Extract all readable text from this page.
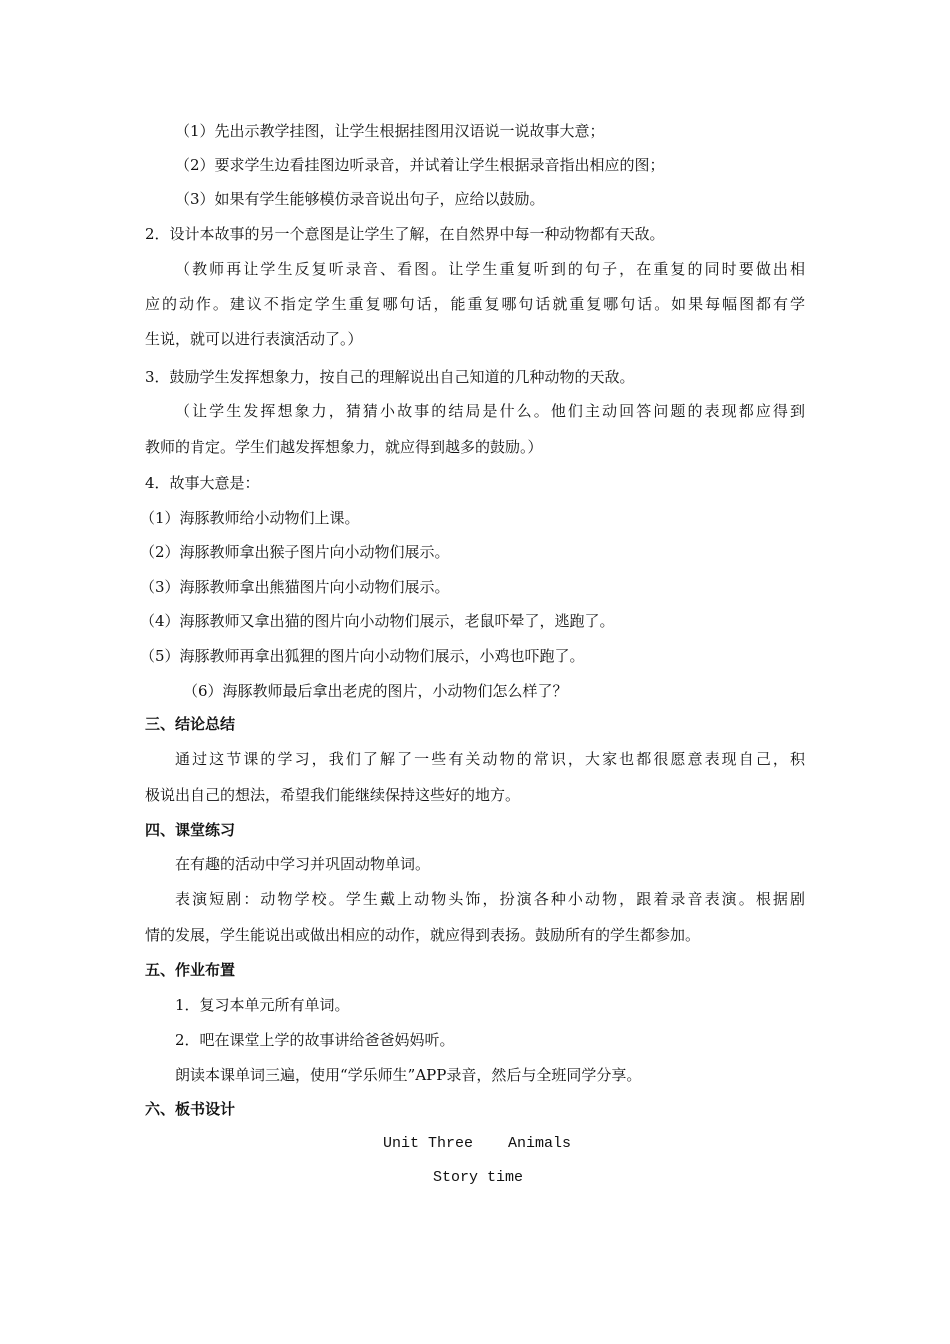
（1）先出示教学挂图，让学生根据挂图用汉语说一说故事大意；
（2）要求学生边看挂图边听录音，并试着让学生根据录音指出相应的图；
（3）如果有学生能够模仿录音说出句子，应给以鼓励。
2．设计本故事的另一个意图是让学生了解，在自然界中每一种动物都有天敌。
（教师再让学生反复听录音、看图。让学生重复听到的句子，在重复的同时要做出相
应的动作。建议不指定学生重复哪句话，能重复哪句话就重复哪句话。如果每幅图都有学
生说，就可以进行表演活动了。）
3．鼓励学生发挥想象力，按自己的理解说出自己知道的几种动物的天敌。
（让学生发挥想象力，猜猜小故事的结局是什么。他们主动回答问题的表现都应得到
教师的肯定。学生们越发挥想象力，就应得到越多的鼓励。）
4．故事大意是：
（1）海豚教师给小动物们上课。
（2）海豚教师拿出猴子图片向小动物们展示。
（3）海豚教师拿出熊猫图片向小动物们展示。
（4）海豚教师又拿出猫的图片向小动物们展示，老鼠吓晕了，逃跑了。
（5）海豚教师再拿出狐狸的图片向小动物们展示，小鸡也吓跑了。
（6）海豚教师最后拿出老虎的图片，小动物们怎么样了？
三、结论总结
通过这节课的学习，我们了解了一些有关动物的常识，大家也都很愿意表现自己，积
极说出自己的想法，希望我们能继续保持这些好的地方。
四、课堂练习
在有趣的活动中学习并巩固动物单词。
表演短剧：动物学校。学生戴上动物头饰，扮演各种小动物，跟着录音表演。根据剧
情的发展，学生能说出或做出相应的动作，就应得到表扬。鼓励所有的学生都参加。
五、作业布置
1．复习本单元所有单词。
2．吧在课堂上学的故事讲给爸爸妈妈听。
朗读本课单词三遍，使用“学乐师生”APP录音，然后与全班同学分享。
六、板书设计
Unit Three Animals
Story time
